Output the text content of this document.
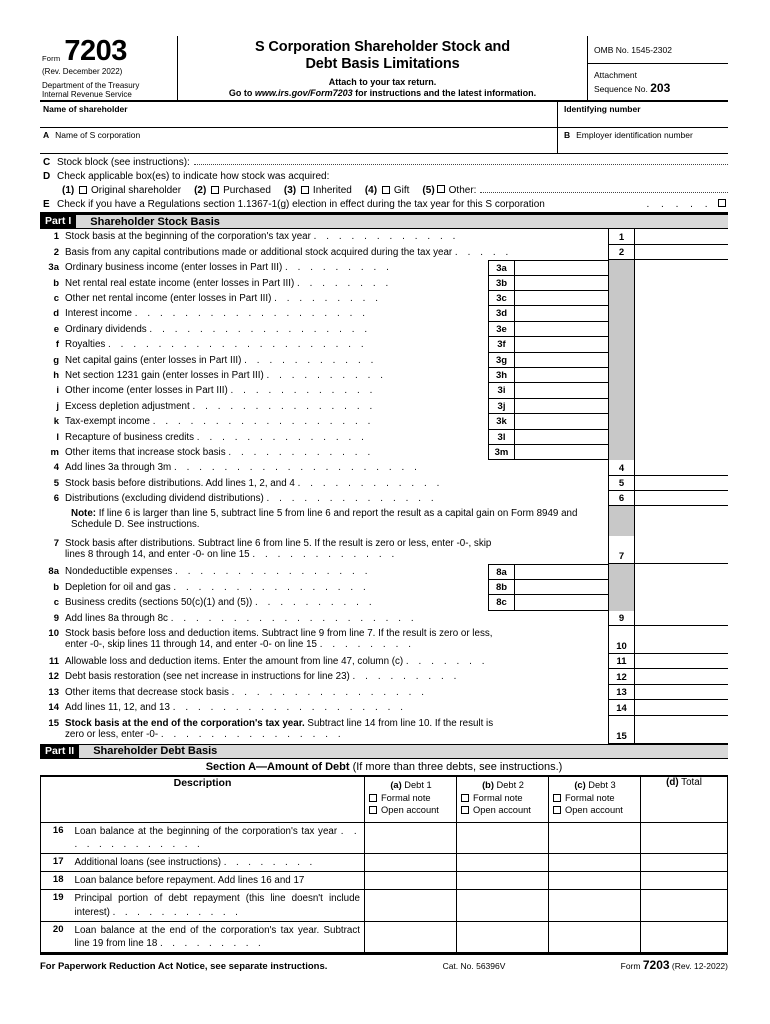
Form 7203
(Rev. December 2022)
Department of the Treasury
Internal Revenue Service
S Corporation Shareholder Stock and
Debt Basis Limitations
Attach to your tax return.
Go to www.irs.gov/Form7203 for instructions and the latest information.
OMB No. 1545-2302
Attachment
Sequence No. 203
Name of shareholder	Identifying number
A Name of S corporation	B Employer identification number
C Stock block (see instructions):
D Check applicable box(es) to indicate how stock was acquired:
(1) Original shareholder (2) Purchased (3) Inherited (4) Gift (5) Other:
E Check if you have a Regulations section 1.1367-1(g) election in effect during the tax year for this S corporation	. . . . .
Part I	Shareholder Stock Basis
1 Stock basis at the beginning of the corporation's tax year . . . . . . . . . . . .	1
2 Basis from any capital contributions made or additional stock acquired during the tax year . . . . .	2
3a Ordinary business income (enter losses in Part III) . . . . . . . . .	3a
b Net rental real estate income (enter losses in Part III) . . . . . . . .	3b
c Other net rental income (enter losses in Part III) . . . . . . . . .	3c
d Interest income . . . . . . . . . . . . . . . . . . .	3d
e Ordinary dividends . . . . . . . . . . . . . . . . . .	3e
f Royalties . . . . . . . . . . . . . . . . . . . . .	3f
g Net capital gains (enter losses in Part III) . . . . . . . . . . .	3g
h Net section 1231 gain (enter losses in Part III) . . . . . . . . . .	3h
i Other income (enter losses in Part III) . . . . . . . . . . . .	3i
j Excess depletion adjustment . . . . . . . . . . . . . . .	3j
k Tax-exempt income . . . . . . . . . . . . . . . . . .	3k
l Recapture of business credits . . . . . . . . . . . . . .	3l
m Other items that increase stock basis . . . . . . . . . . . .	3m
4 Add lines 3a through 3m . . . . . . . . . . . . . . . . . . . .	4
5 Stock basis before distributions. Add lines 1, 2, and 4 . . . . . . . . . . . .	5
6 Distributions (excluding dividend distributions) . . . . . . . . . . . . . .	6
Note: If line 6 is larger than line 5, subtract line 5 from line 6 and report the result as a capital gain on Form 8949 and Schedule D. See instructions.
7 Stock basis after distributions. Subtract line 6 from line 5. If the result is zero or less, enter -0-, skip
lines 8 through 14, and enter -0- on line 15 . . . . . . . . . . . .	7
8a Nondeductible expenses . . . . . . . . . . . . . . . .	8a
b Depletion for oil and gas . . . . . . . . . . . . . . . .	8b
c Business credits (sections 50(c)(1) and (5)) . . . . . . . . . .	8c
9 Add lines 8a through 8c . . . . . . . . . . . . . . . . . . . .	9
10 Stock basis before loss and deduction items. Subtract line 9 from line 7. If the result is zero or less,
enter -0-, skip lines 11 through 14, and enter -0- on line 15 . . . . . . . .	10
11 Allowable loss and deduction items. Enter the amount from line 47, column (c) . . . . . . .	11
12 Debt basis restoration (see net increase in instructions for line 23) . . . . . . . . .	12
13 Other items that decrease stock basis . . . . . . . . . . . . . . . .	13
14 Add lines 11, 12, and 13 . . . . . . . . . . . . . . . . . . .	14
15 Stock basis at the end of the corporation's tax year. Subtract line 14 from line 10. If the result is
zero or less, enter -0- . . . . . . . . . . . . . . .	15
Part II	Shareholder Debt Basis
Section A—Amount of Debt (If more than three debts, see instructions.)
Description		(a) Debt 1
Formal note
Open account	(b) Debt 2
Formal note
Open account	(c) Debt 3
Formal note
Open account	(d) Total
16	Loan balance at the beginning of the corporation's tax year . . . . . . . . . . . . .				
17	Additional loans (see instructions) . . . . . . . .				
18	Loan balance before repayment. Add lines 16 and 17				
19	Principal portion of debt repayment (this line doesn't include interest) . . . . . . . . . . .				
20	Loan balance at the end of the corporation's tax year. Subtract line 19 from line 18 . . . . . . . . .				
For Paperwork Reduction Act Notice, see separate instructions.	Cat. No. 56396V	Form 7203 (Rev. 12-2022)
